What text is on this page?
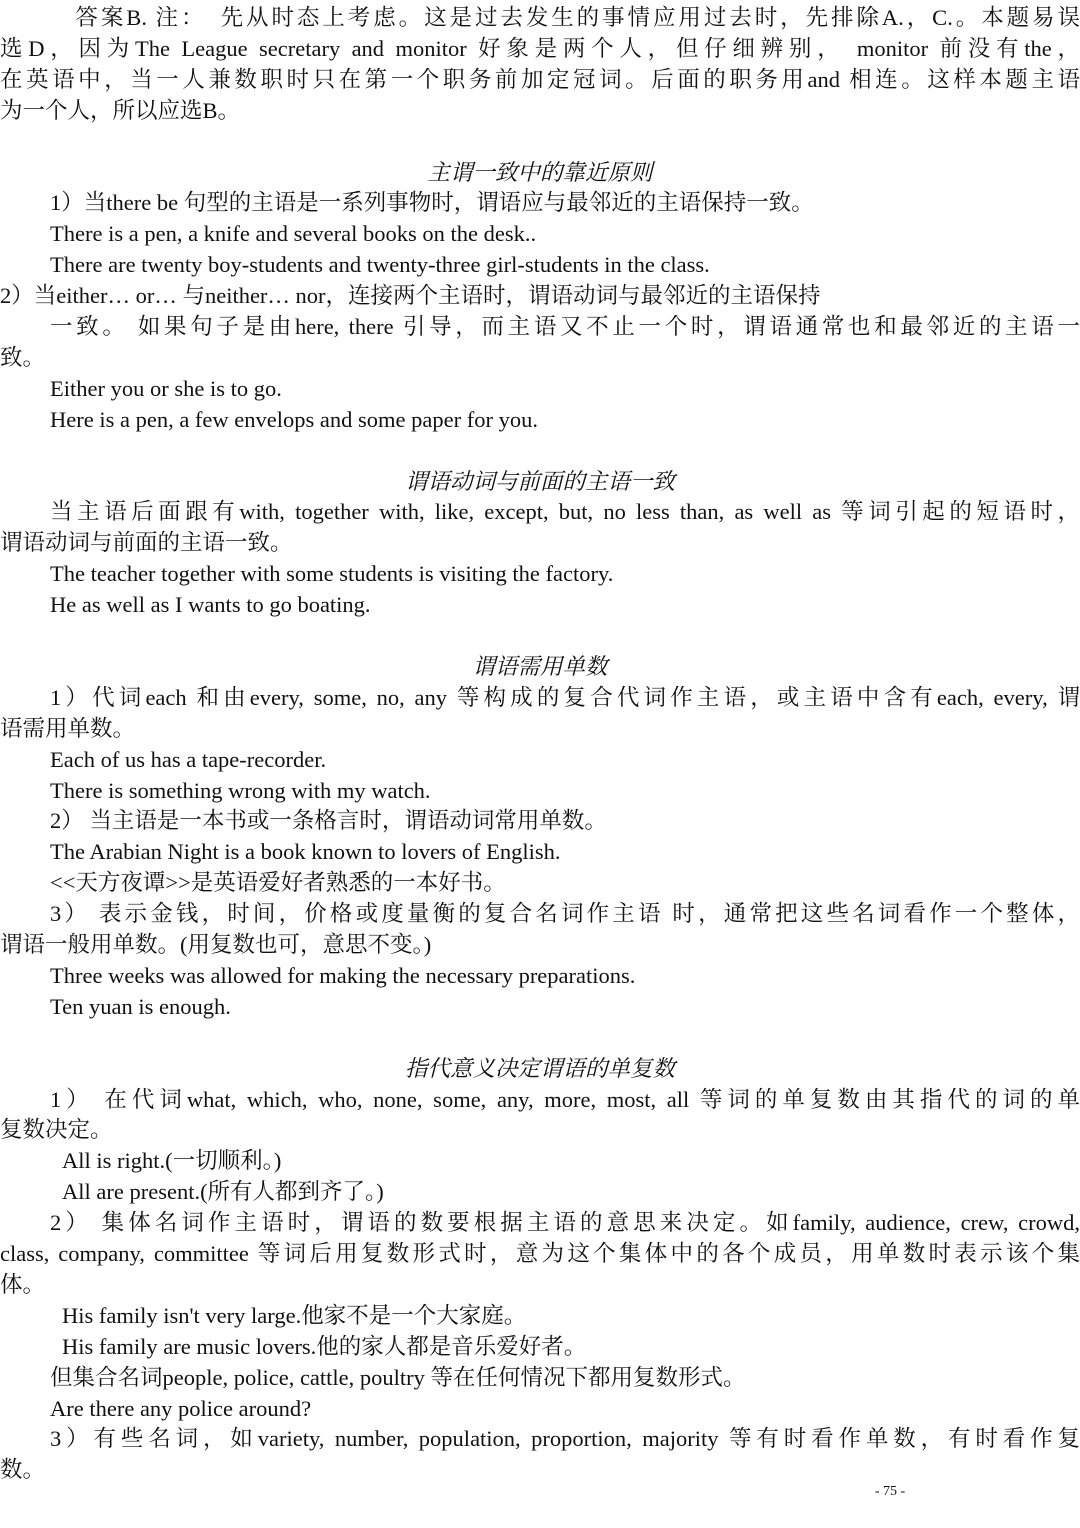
　答案B. 注：　先从时态上考虑。这是过去发生的事情应用过去时，先排除A.，C.。本题易误
选D，因为The League secretary and monitor 好象是两个人，但仔细辨别， monitor 前没有the，
在英语中，当一人兼数职时只在第一个职务前加定冠词。后面的职务用and 相连。这样本题主语
为一个人，所以应选B。
主谓一致中的靠近原则
1）当there be 句型的主语是一系列事物时，谓语应与最邻近的主语保持一致。
There is a pen, a knife and several books on the desk..
There are twenty boy-students and twenty-three girl-students in the class.
2）当either… or… 与neither… nor，连接两个主语时，谓语动词与最邻近的主语保持
一致。 如果句子是由here, there 引导，而主语又不止一个时，谓语通常也和最邻近的主语一
致。
Either you or she is to go.
Here is a pen, a few envelops and some paper for you.
谓语动词与前面的主语一致
当主语后面跟有with, together with, like, except, but, no less than, as well as 等词引起的短语时，
谓语动词与前面的主语一致。
The teacher together with some students is visiting the factory.
He as well as I wants to go boating.
谓语需用单数
1）代词each 和由every, some, no, any 等构成的复合代词作主语，或主语中含有each, every, 谓
语需用单数。
Each of us has a tape-recorder.
There is something wrong with my watch.
2） 当主语是一本书或一条格言时，谓语动词常用单数。
The Arabian Night is a book known to lovers of English.
<<天方夜谭>>是英语爱好者熟悉的一本好书。
3） 表示金钱，时间，价格或度量衡的复合名词作主语 时，通常把这些名词看作一个整体，
谓语一般用单数。(用复数也可，意思不变。)
Three weeks was allowed for making the necessary preparations.
Ten yuan is enough.
指代意义决定谓语的单复数
1） 在代词what, which, who, none, some, any, more, most, all 等词的单复数由其指代的词的单
复数决定。
All is right.(一切顺利。)
All are present.(所有人都到齐了。)
2） 集体名词作主语时，谓语的数要根据主语的意思来决定。如family, audience, crew, crowd,
class, company, committee 等词后用复数形式时，意为这个集体中的各个成员，用单数时表示该个集
体。
His family isn't very large.他家不是一个大家庭。
His family are music lovers.他的家人都是音乐爱好者。
但集合名词people, police, cattle, poultry 等在任何情况下都用复数形式。
Are there any police around?
3）有些名词，如variety, number, population, proportion, majority 等有时看作单数，有时看作复
数。
- 75 -
